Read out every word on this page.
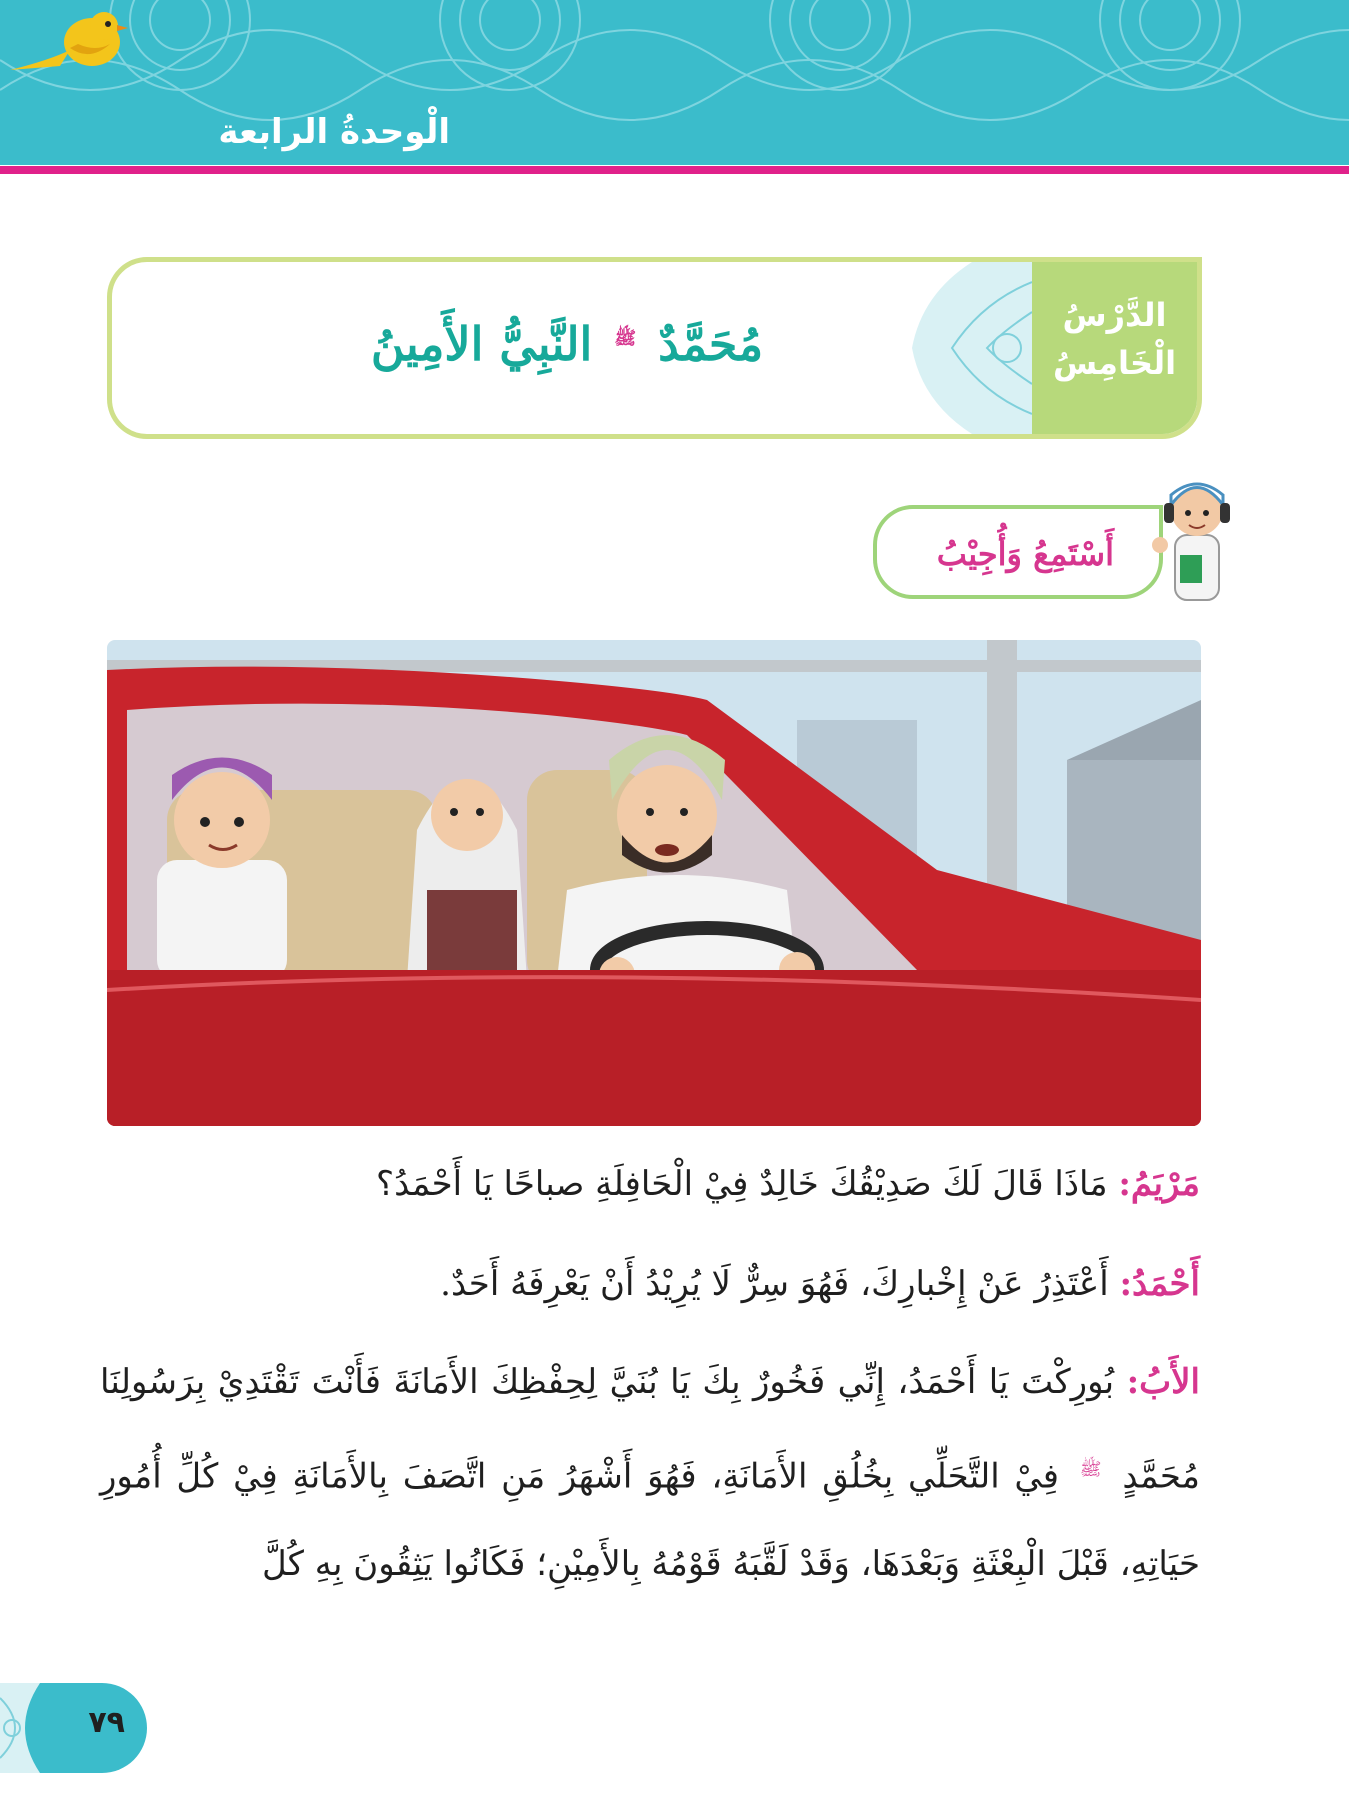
الْوحدةُ الرابعة
الدَّرْسُ
الْخَامِسُ
مُحَمَّدٌ $^ﷺ$ النَّبِيُّ الأَمِينُ
أَسْتَمِعُ وَأُجِيْبُ

مَرْيَمُ: مَاذَا قَالَ لَكَ صَدِيْقُكَ خَالِدٌ فِيْ الْحَافِلَةِ صباحًا يَا أَحْمَدُ؟

أَحْمَدُ: أَعْتَذِرُ عَنْ إِخْبارِكَ، فَهُوَ سِرٌّ لَا يُرِيْدُ أَنْ يَعْرِفَهُ أَحَدٌ.

الأَبُ: بُورِكْتَ يَا أَحْمَدُ، إِنِّي فَخُورٌ بِكَ يَا بُنَيَّ لِحِفْظِكَ الأَمَانَةَ فَأَنْتَ تَقْتَدِيْ بِرَسُولِنَا مُحَمَّدٍ $^ﷺ$ فِيْ التَّحَلِّي بِخُلُقِ الأَمَانَةِ، فَهُوَ أَشْهَرُ مَنِ اتَّصَفَ بِالأَمَانَةِ فِيْ كُلِّ أُمُورِ حَيَاتِهِ، قَبْلَ الْبِعْثَةِ وَبَعْدَهَا، وَقَدْ لَقَّبَهُ قَوْمُهُ بِالأَمِيْنِ؛ فَكَانُوا يَثِقُونَ بِهِ كُلَّ

٧٩
